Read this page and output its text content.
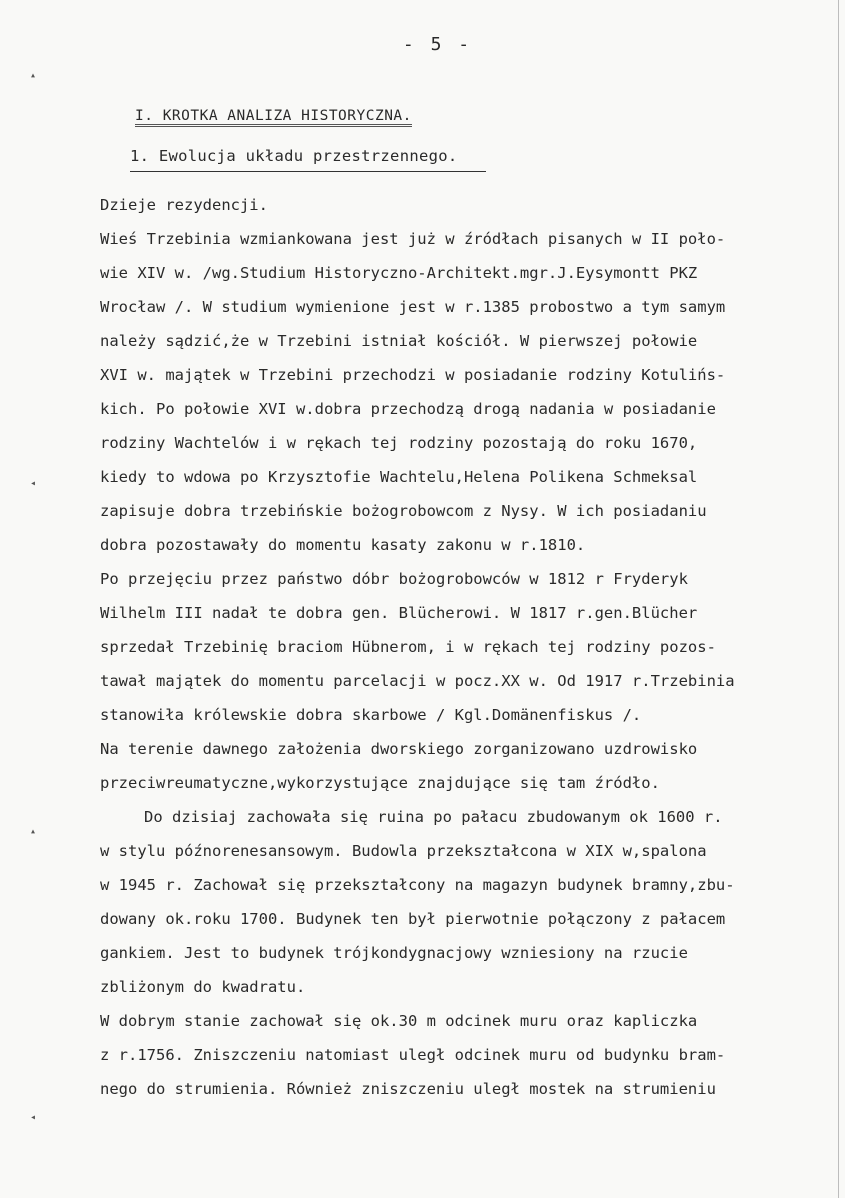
- 5 -
I. KROTKA ANALIZA HISTORYCZNA.
1. Ewolucja układu przestrzennego.
Dzieje rezydencji.
Wieś Trzebinia wzmiankowana jest już w źródłach pisanych w II poło-
wie XIV w. /wg.Studium Historyczno-Architekt.mgr.J.Eysymontt PKZ
Wrocław /. W studium wymienione jest w r.1385 probostwo a tym samym
należy sądzić,że w Trzebini istniał kościół. W pierwszej połowie
XVI w. majątek w Trzebini przechodzi w posiadanie rodziny Kotulińs-
kich. Po połowie XVI w.dobra przechodzą drogą nadania w posiadanie
rodziny Wachtelów i w rękach tej rodziny pozostają do roku 1670,
kiedy to wdowa po Krzysztofie Wachtelu,Helena Polikena Schmeksal
zapisuje dobra trzebińskie bożogrobowcom z Nysy. W ich posiadaniu
dobra pozostawały do momentu kasaty zakonu w r.1810.
Po przejęciu przez państwo dóbr bożogrobowców w 1812 r Fryderyk
Wilhelm III nadał te dobra gen. Blücherowi. W 1817 r.gen.Blücher
sprzedał Trzebinię braciom Hübnerom, i w rękach tej rodziny pozos-
tawał majątek do momentu parcelacji w pocz.XX w. Od 1917 r.Trzebinia
stanowiła królewskie dobra skarbowe / Kgl.Domänenfiskus /.
Na terenie dawnego założenia dworskiego zorganizowano uzdrowisko
przeciwreumatyczne,wykorzystujące znajdujące się tam źródło.
Do dzisiaj zachowała się ruina po pałacu zbudowanym ok 1600 r.
w stylu późnorenesansowym. Budowla przekształcona w XIX w,spalona
w 1945 r. Zachował się przekształcony na magazyn budynek bramny,zbu-
dowany ok.roku 1700. Budynek ten był pierwotnie połączony z pałacem
gankiem. Jest to budynek trójkondygnacjowy wzniesiony na rzucie
zbliżonym do kwadratu.
W dobrym stanie zachował się ok.30 m odcinek muru oraz kapliczka
z r.1756. Zniszczeniu natomiast uległ odcinek muru od budynku bram-
nego do strumienia. Również zniszczeniu uległ mostek na strumieniu
▴
◂
▴
◂
